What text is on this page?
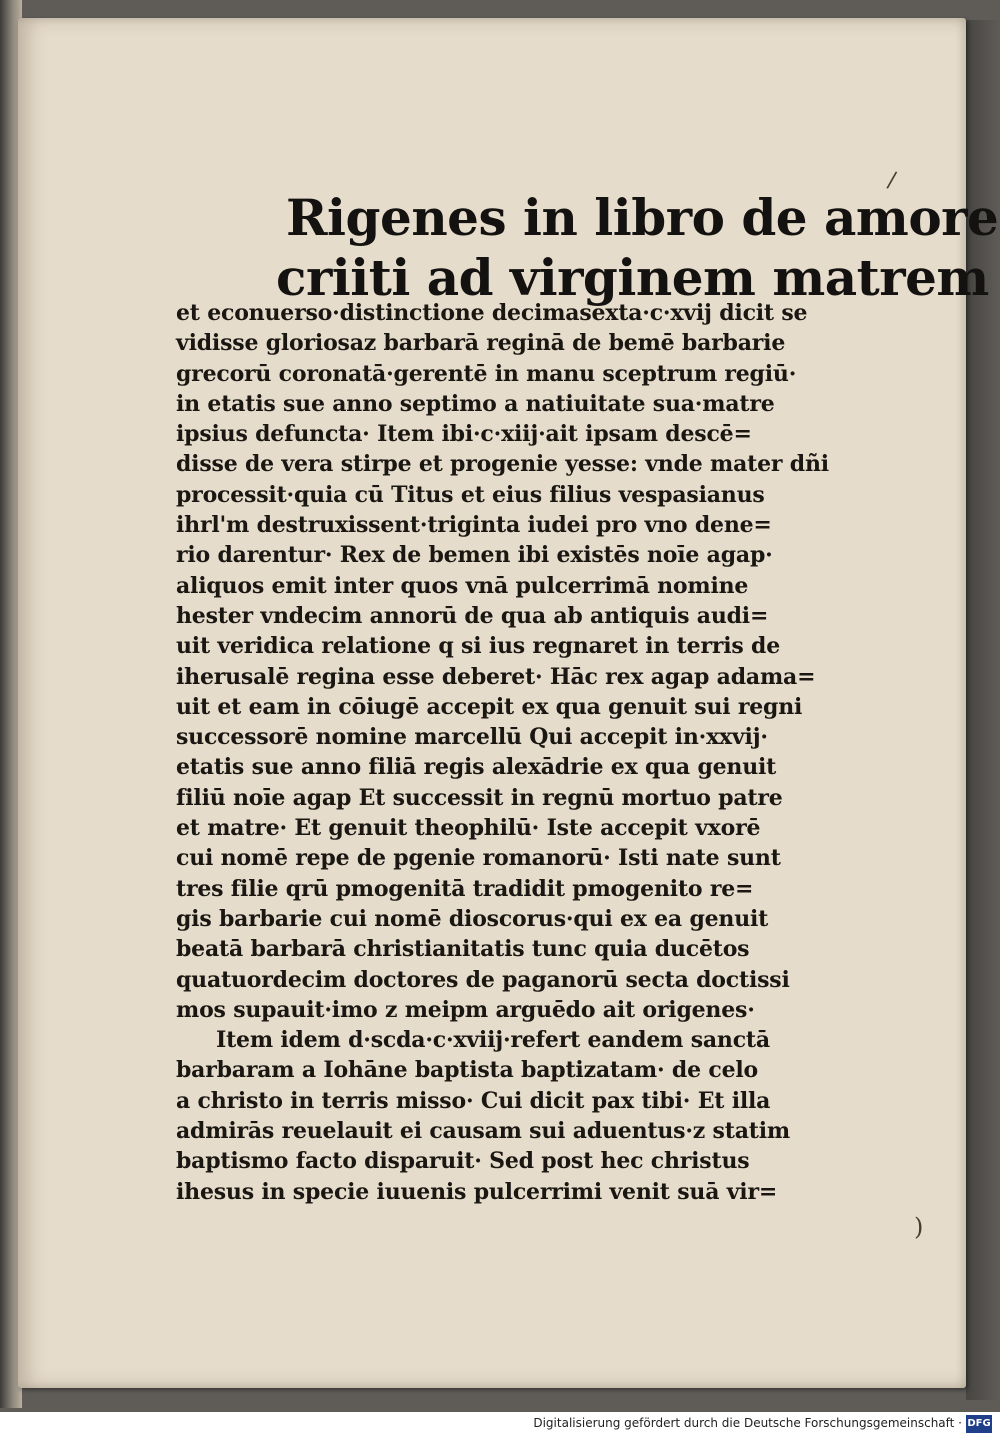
/
)
Rigenes in libro de amore
criiti ad virginem matrem
et econuerso·distinctione decimasexta·c·xvij dicit se
vidisse gloriosaz barbarā reginā de bemē barbarie
grecorū coronatā·gerentē in manu sceptrum regiū·
in etatis sue anno septimo a natiuitate sua·matre
ipsius defuncta· Item ibi·c·xiij·ait ipsam descē=
disse de vera stirpe et progenie yesse: vnde mater dñi
processit·quia cū Titus et eius filius vespasianus
ihrl'm destruxissent·triginta iudei pro vno dene=
rio darentur· Rex de bemen ibi existēs noīe agap·
aliquos emit inter quos vnā pulcerrimā nomine
hester vndecim annorū de qua ab antiquis audi=
uit veridica relatione q si ius regnaret in terris de
iherusalē regina esse deberet· Hāc rex agap adama=
uit et eam in cōiugē accepit ex qua genuit sui regni
successorē nomine marcellū Qui accepit in·xxvij·
etatis sue anno filiā regis alexādrie ex qua genuit
filiū noīe agap Et successit in regnū mortuo patre
et matre· Et genuit theophilū· Iste accepit vxorē
cui nomē repe de pgenie romanorū· Isti nate sunt
tres filie qrū pmogenitā tradidit pmogenito re=
gis barbarie cui nomē dioscorus·qui ex ea genuit
beatā barbarā christianitatis tunc quia ducētos
quatuordecim doctores de paganorū secta doctissi
mos supauit·imo z meipm arguēdo ait origenes·
Item idem d·scda·c·xviij·refert eandem sanctā
barbaram a Iohāne baptista baptizatam· de celo
a christo in terris misso· Cui dicit pax tibi· Et illa
admirās reuelauit ei causam sui aduentus·z statim
baptismo facto disparuit· Sed post hec christus
ihesus in specie iuuenis pulcerrimi venit suā vir=
Digitalisierung gefördert durch die Deutsche Forschungsgemeinschaft · DFG
